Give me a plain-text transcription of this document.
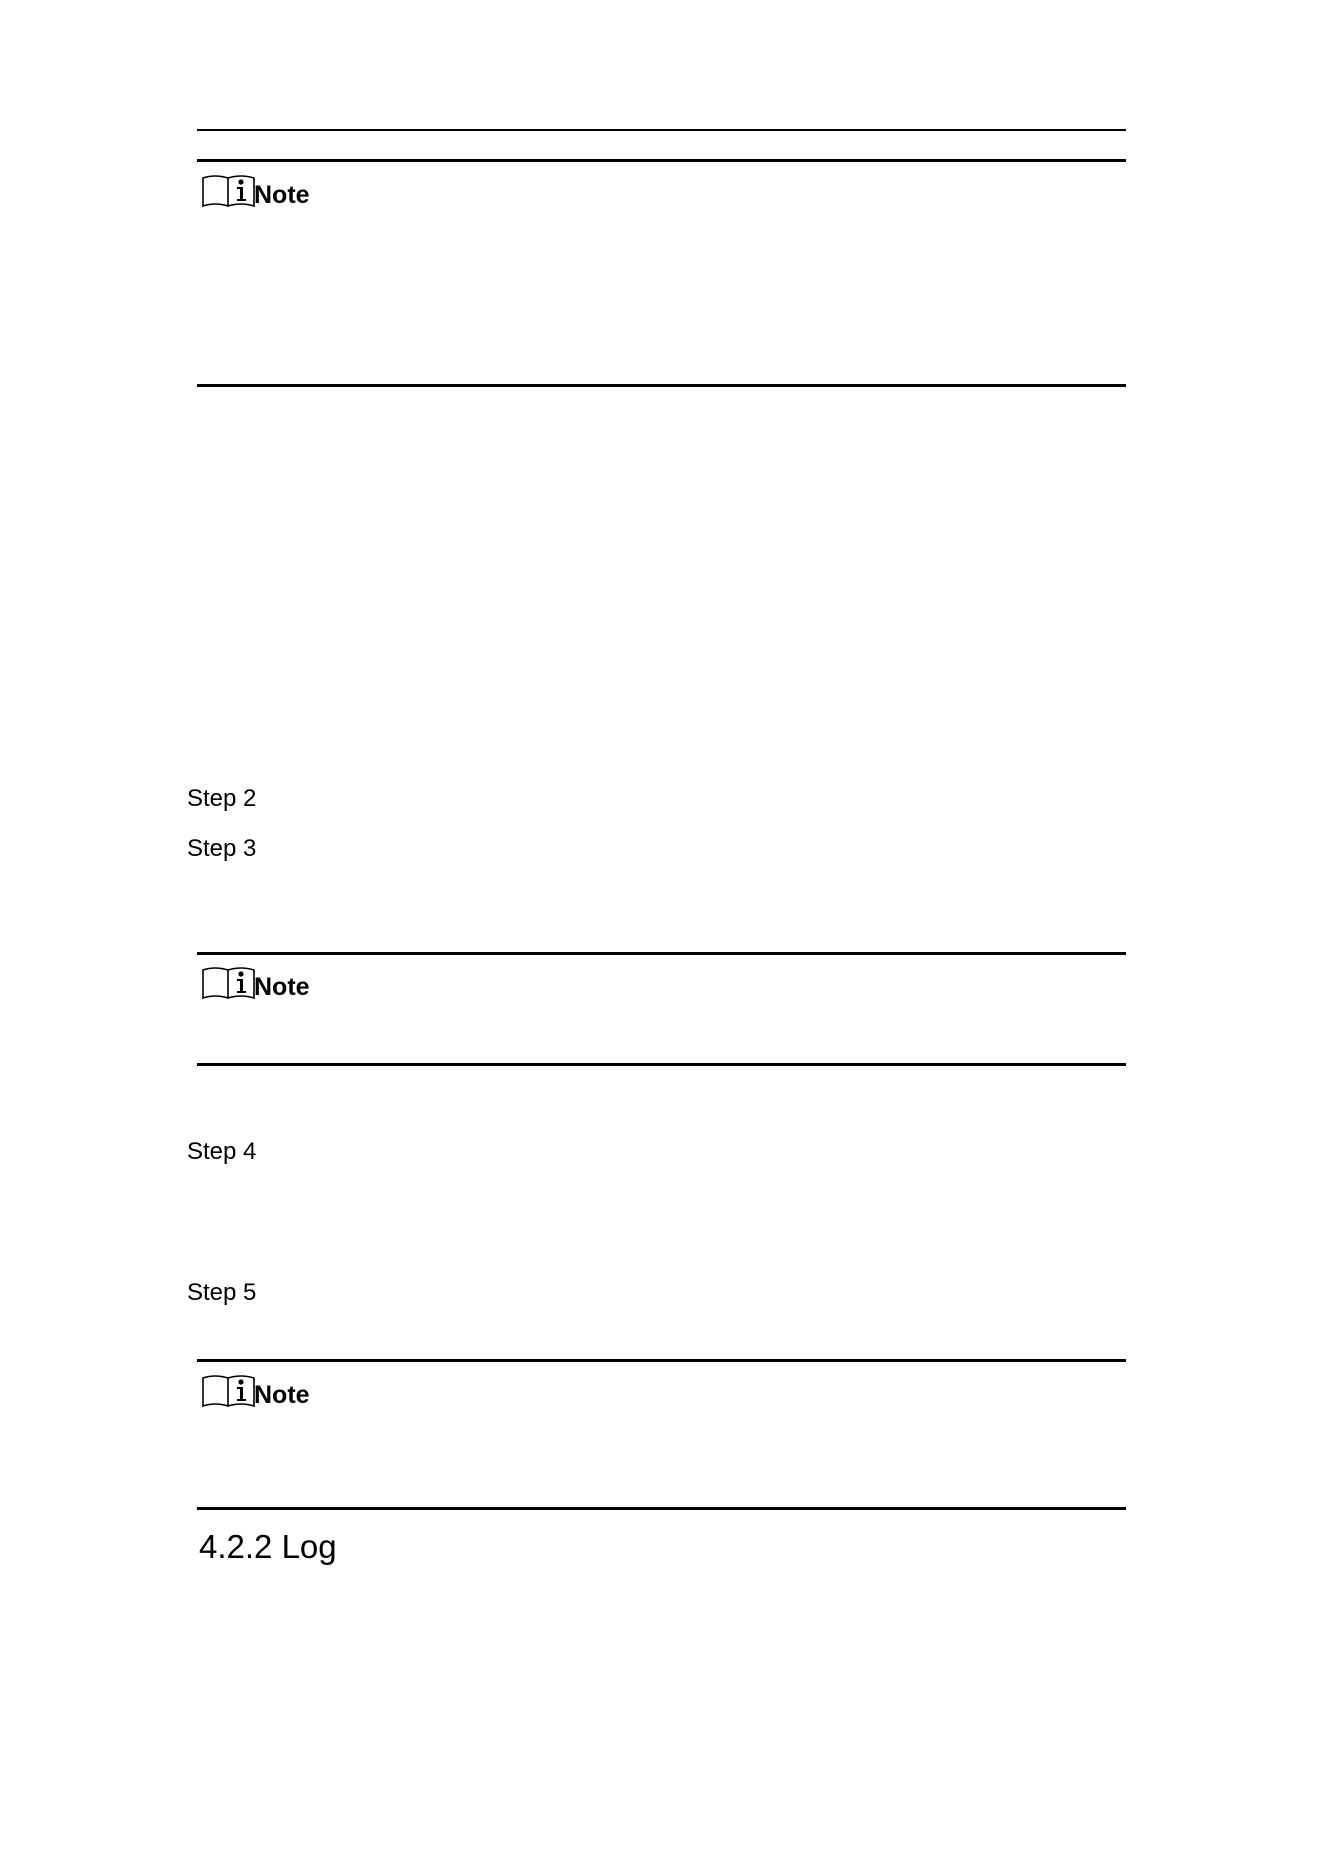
Note
Step 2
Step 3
Note
Step 4
Step 5
Note
4.2.2 Log
